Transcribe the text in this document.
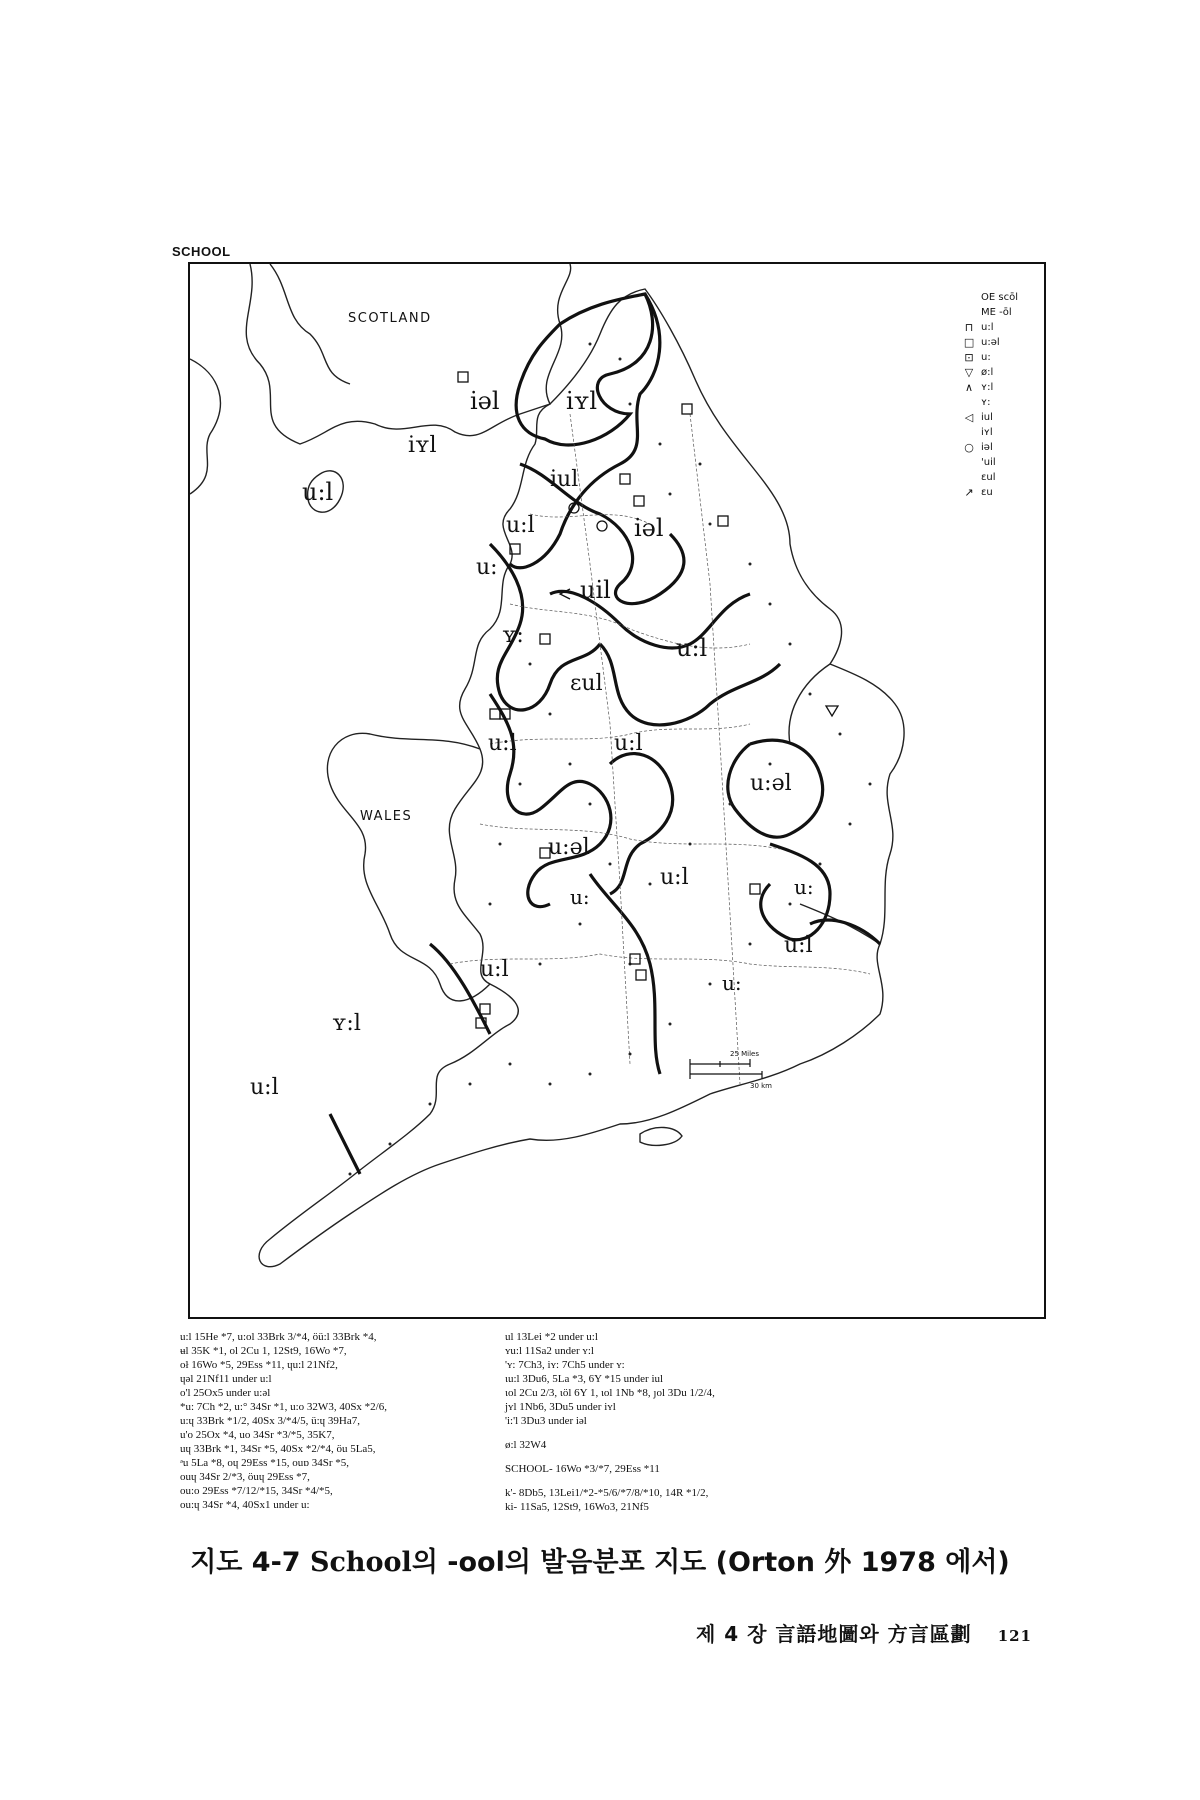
SCHOOL
SCOTLAND
WALES
iəl	iʏl
iʏl
u:l	iul
u:l	iəl
u:
uil
ʏ:	u:l
ɛul
u:l	u:l
u:əl
u:əl
u:l
u:	u:
u:l
u:l
u:
ʏ:l
u:l
25 Miles
30 km
OE scōl
ME -ōl
⊓ u:l
□ u:əl
⊡ u:
▽ ø:l
∧ ʏ:l
ʏ:
◁ iul
iʏl
○ iəl
'uil
ɛul
↗ ɛu
u:l 15He *7, u:ol 33Brk 3/*4, öü:l 33Brk *4,
ʉl 35K *1, ol 2Cu 1, 12St9, 16Wo *7,
oł 16Wo *5, 29Ess *11, ɥu:l 21Nf2,
ɥəl 21Nf11 under u:l
o'l 25Ox5 under u:əl
*u: 7Ch *2, u:° 34Sr *1, u:o 32W3, 40Sx *2/6,
u:ɥ 33Brk *1/2, 40Sx 3/*4/5, ü:ɥ 39Ha7,
u'o 25Ox *4, uo 34Sr *3/*5, 35K7,
uɥ 33Brk *1, 34Sr *5, 40Sx *2/*4, ӧu 5La5,
ᵊu 5La *8, oɥ 29Ess *15, ouɒ 34Sr *5,
ouɥ 34Sr 2/*3, öuɥ 29Ess *7,
ou:o 29Ess *7/12/*15, 34Sr *4/*5,
ou:ɥ 34Sr *4, 40Sx1 under u:
ul 13Lei *2 under u:l
ʏu:l 11Sa2 under ʏ:l
'ʏ: 7Ch3, iʏ: 7Ch5 under ʏ:
ιu:l 3Du6, 5La *3, 6Y *15 under iul
ιol 2Cu 2/3, ιöl 6Y 1, ιol 1Nb *8, ȷol 3Du 1/2/4,
jʏl 1Nb6, 3Du5 under iʏl
'i:'l 3Du3 under iəl
ø:l 32W4
SCHOOL- 16Wo *3/*7, 29Ess *11
k'- 8Db5, 13Lei1/*2-*5/6/*7/8/*10, 14R *1/2,
ki- 11Sa5, 12St9, 16Wo3, 21Nf5
지도 4-7 School의 -ool의 발음분포 지도 (Orton 外 1978 에서)
제 4 장 言語地圖와 方言區劃 121
